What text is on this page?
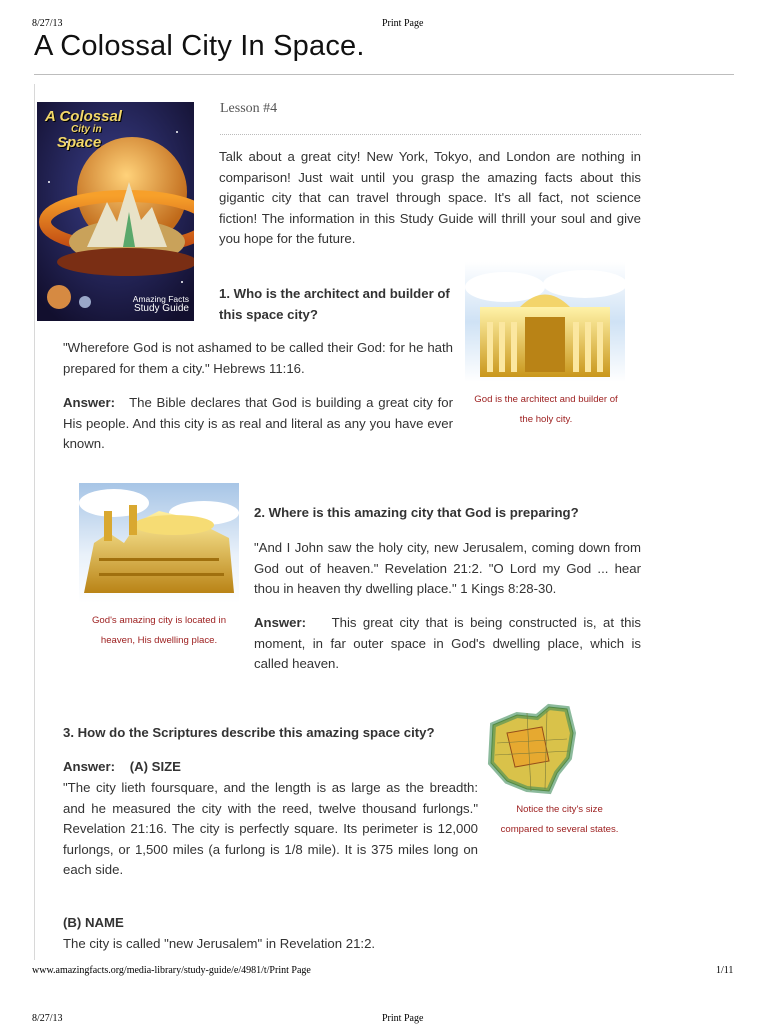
8/27/13	Print Page
A Colossal City In Space.
A Colossal
City in
Space
Amazing Facts
Study Guide
Lesson #4
Talk about a great city! New York, Tokyo, and London are nothing in comparison! Just wait until you grasp the amazing facts about this gigantic city that can travel through space. It's all fact, not science fiction! The information in this Study Guide will thrill your soul and give you hope for the future.
1. Who is the architect and builder of this space city?
God is the architect and builder of
the holy city.
"Wherefore God is not ashamed to be called their God: for he hath prepared for them a city." Hebrews 11:16.
Answer: The Bible declares that God is building a great city for His people. And this city is as real and literal as any you have ever known.
God's amazing city is located in
heaven, His dwelling place.
2. Where is this amazing city that God is preparing?
"And I John saw the holy city, new Jerusalem, coming down from God out of heaven." Revelation 21:2. "O Lord my God ... hear thou in heaven thy dwelling place." 1 Kings 8:28-30.
Answer: This great city that is being constructed is, at this moment, in far outer space in God's dwelling place, which is called heaven.
3. How do the Scriptures describe this amazing space city?
Notice the city's size
compared to several states.
Answer: (A) SIZE
"The city lieth foursquare, and the length is as large as the breadth: and he measured the city with the reed, twelve thousand furlongs." Revelation 21:16. The city is perfectly square. Its perimeter is 12,000 furlongs, or 1,500 miles (a furlong is 1/8 mile). It is 375 miles long on each side.
(B) NAME
The city is called "new Jerusalem" in Revelation 21:2.
www.amazingfacts.org/media-library/study-guide/e/4981/t/Print Page	1/11
8/27/13	Print Page
